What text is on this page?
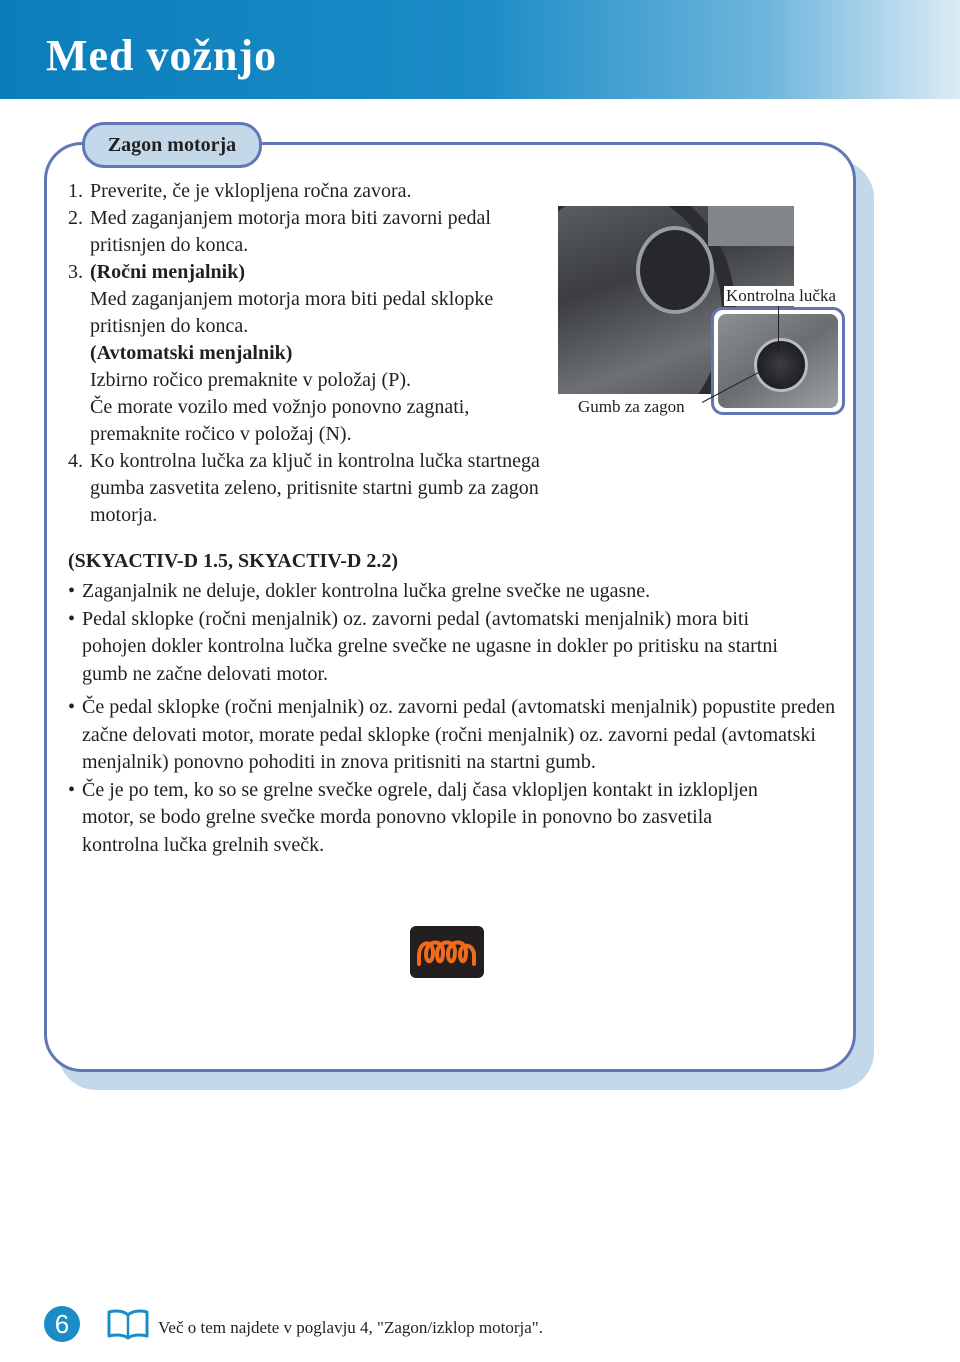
Med vožnjo
Zagon motorja
1. Preverite, če je vklopljena ročna zavora.
2. Med zaganjanjem motorja mora biti zavorni pedal pritisnjen do konca.
3. (Ročni menjalnik)
Med zaganjanjem motorja mora biti pedal sklopke pritisnjen do konca.
(Avtomatski menjalnik)
Izbirno ročico premaknite v položaj (P).
Če morate vozilo med vožnjo ponovno zagnati, premaknite ročico v položaj (N).
4. Ko kontrolna lučka za ključ in kontrolna lučka startnega gumba zasvetita zeleno, pritisnite startni gumb za zagon motorja.
Kontrolna lučka
Gumb za zagon
(SKYACTIV-D 1.5, SKYACTIV-D 2.2)
• Zaganjalnik ne deluje, dokler kontrolna lučka grelne svečke ne ugasne.
• Pedal sklopke (ročni menjalnik) oz. zavorni pedal (avtomatski menjalnik) mora biti pohojen dokler kontrolna lučka grelne svečke ne ugasne in dokler po pritisku na startni gumb ne začne delovati motor.
• Če pedal sklopke (ročni menjalnik) oz. zavorni pedal (avtomatski menjalnik) popustite preden začne delovati motor, morate pedal sklopke (ročni menjalnik) oz. zavorni pedal (avtomatski menjalnik) ponovno pohoditi in znova pritisniti na startni gumb.
• Če je po tem, ko so se grelne svečke ogrele, dalj časa vklopljen kontakt in izklopljen motor, se bodo grelne svečke morda ponovno vklopile in ponovno bo zasvetila kontrolna lučka grelnih svečk.
6	Več o tem najdete v poglavju 4, "Zagon/izklop motorja".
